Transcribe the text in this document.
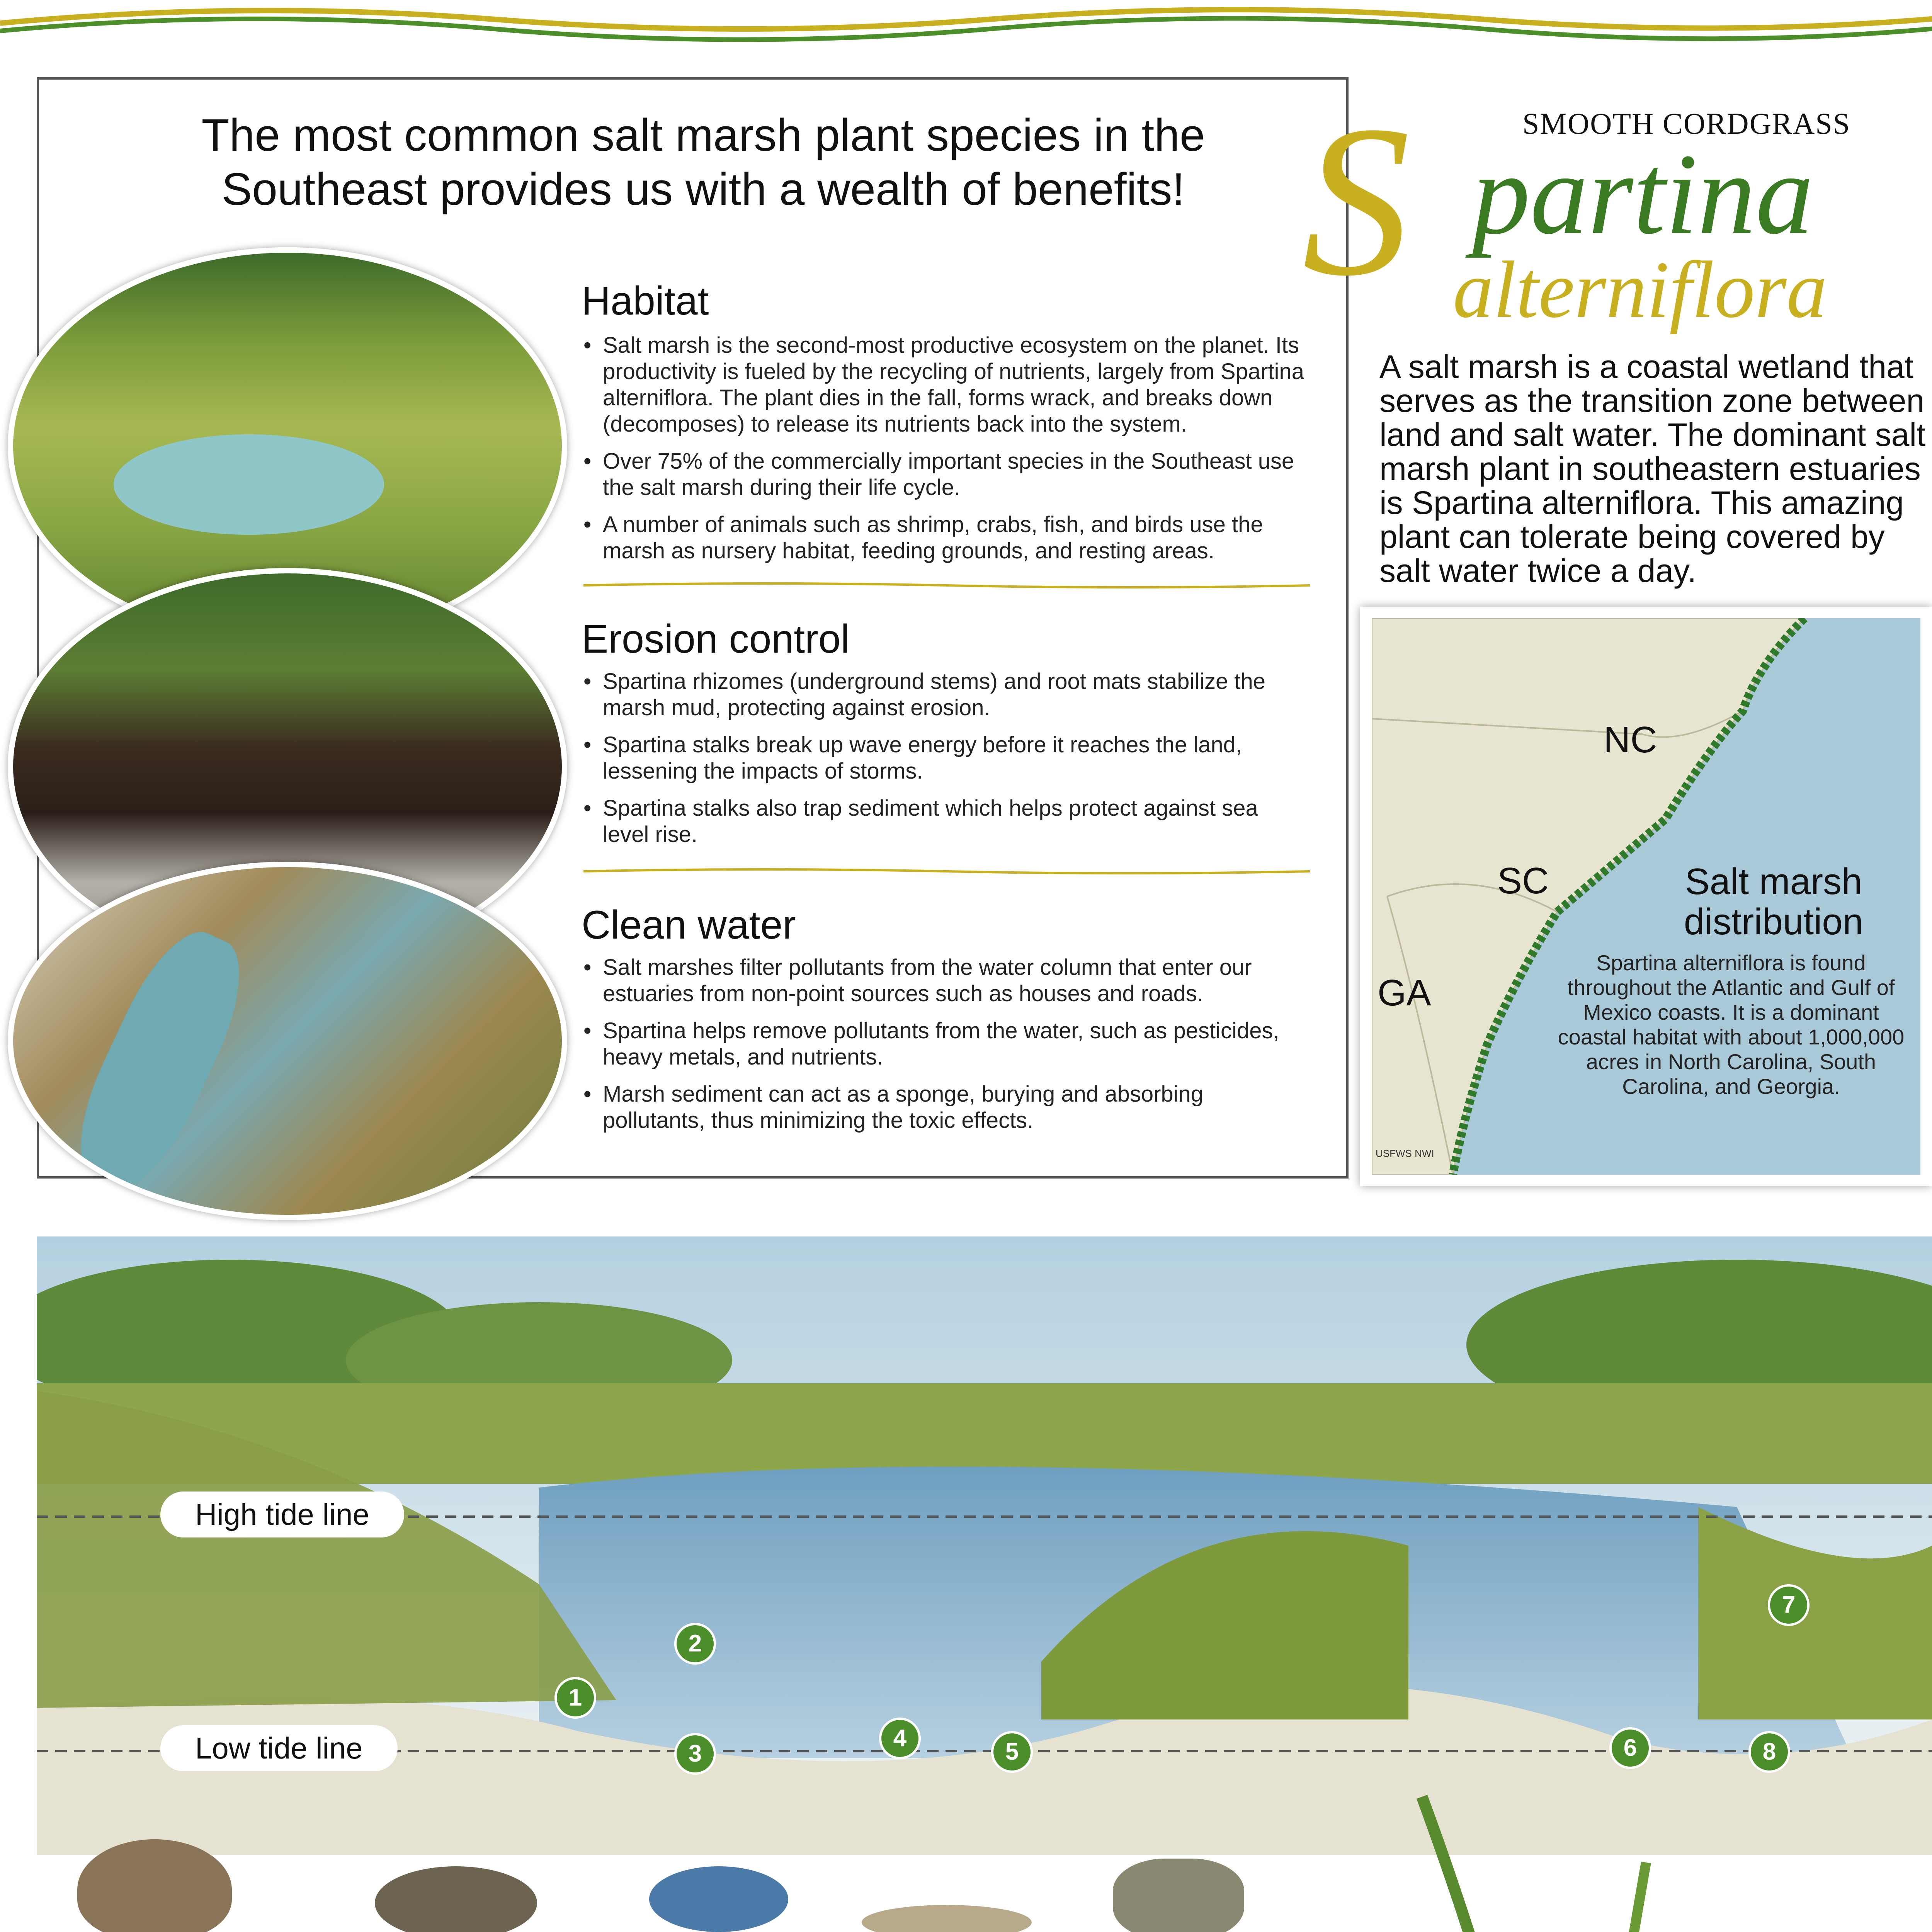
The most common salt marsh plant species in the
Southeast provides us with a wealth of benefits!
Habitat
• Salt marsh is the second-most productive ecosystem on the planet. Its productivity is fueled by the recycling of nutrients, largely from Spartina alterniflora. The plant dies in the fall, forms wrack, and breaks down (decomposes) to release its nutrients back into the system.
• Over 75% of the commercially important species in the Southeast use the salt marsh during their life cycle.
• A number of animals such as shrimp, crabs, fish, and birds use the marsh as nursery habitat, feeding grounds, and resting areas.
Erosion control
• Spartina rhizomes (underground stems) and root mats stabilize the marsh mud, protecting against erosion.
• Spartina stalks break up wave energy before it reaches the land, lessening the impacts of storms.
• Spartina stalks also trap sediment which helps protect against sea level rise.
Clean water
• Salt marshes filter pollutants from the water column that enter our estuaries from non-point sources such as houses and roads.
• Spartina helps remove pollutants from the water, such as pesticides, heavy metals, and nutrients.
• Marsh sediment can act as a sponge, burying and absorbing pollutants, thus minimizing the toxic effects.
SMOOTH CORDGRASS
S partina
alterniflora
A salt marsh is a coastal wetland that serves as the transition zone between land and salt water. The dominant salt marsh plant in southeastern estuaries is Spartina alterniflora. This amazing plant can tolerate being covered by salt water twice a day.
NC
SC
GA
Salt marsh
distribution
Spartina alterniflora is found throughout the Atlantic and Gulf of Mexico coasts. It is a dominant coastal habitat with about 1,000,000 acres in North Carolina, South Carolina, and Georgia.
USFWS NWI
High tide line
Low tide line
1
2
3
4
5	6
7
8
